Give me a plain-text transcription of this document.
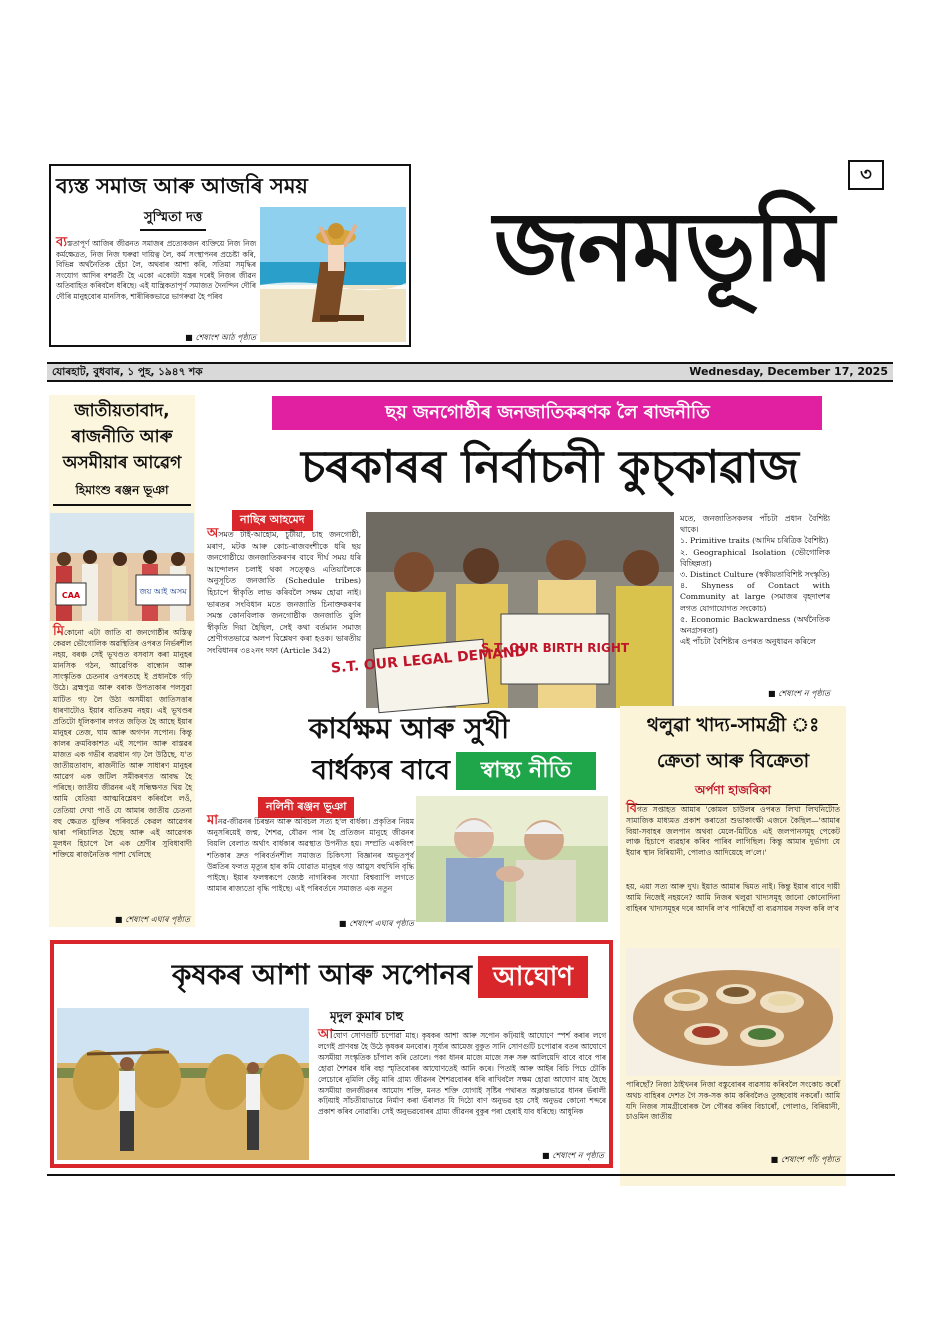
ব্যস্ত সমাজ আৰু আজৰি সময়
সুস্মিতা দত্ত
ব্যস্ততাপূৰ্ণ আজিৰ জীৱনত সমাজৰ প্ৰত্যেকজন ব্যক্তিয়ে নিজ নিজ কৰ্মক্ষেত্ৰত, নিজ নিজ ঘৰুৱা দায়িত্ব লৈ, কৰ্ম সংস্থাপনৰ প্ৰচেষ্টা কৰি, বিভিন্ন অৰ্থনৈতিক হেঁচা লৈ, অথবাৰ আশা কৰি, সতিমা সমৃদ্ধিৰ সংযোগ আদিৰ বশৱৰ্তী হৈ একো একোটা যন্ত্ৰৰ দৰেই নিজৰ জীৱন অতিবাহিত কৰিবলৈ ধৰিছে। এই যান্ত্ৰিকতাপূৰ্ণ সমাজত দৈনন্দিন দৌৰি দৌৰি মানুহবোৰ মানসিক, শাৰীৰিকভাৱে ভাগৰুৱা হৈ পৰিব
■ শেষাংশ আঠ পৃষ্ঠাত
জনমভূমি
৩
যোৰহাট, বুধবাৰ, ১ পুহ, ১৯৪৭ শক	Wednesday, December 17, 2025
জাতীয়তাবাদ,
ৰাজনীতি আৰু
অসমীয়াৰ আৱেগ
হিমাংশু ৰঞ্জন ভূঞা
জয় আই অসম
CAA
মিকোনো এটা জাতি বা জনগোষ্ঠীৰ অস্তিত্ব কেৱল ভৌগোলিক অৱস্থিতিৰ ওপৰত নিৰ্ভৰশীল নহয়, বৰঞ্চ সেই ভূখণ্ডত বসবাস কৰা মানুহৰ মানসিক গঠন, আৱেগিক বান্ধোন আৰু সাংস্কৃতিক চেতনাৰ ওপৰতহে ই প্ৰধানকৈ গঢ়ি উঠে। ব্ৰহ্মপুত্ৰ আৰু বৰাক উপত্যকাৰ পলসুৱা মাটিত গঢ় লৈ উঠা অসমীয়া জাতিসত্তাৰ ধাৰণাটোও ইয়াৰ ব্যতিক্ৰম নহয়। এই ভূখণ্ডৰ প্ৰতিটো ধূলিকণাৰ লগত জড়িত হৈ আছে ইয়াৰ মানুহৰ তেজ, ঘাম আৰু অগণন সপোন। কিন্তু কালৰ ক্ৰমবিকাশত এই সপোন আৰু বাস্তৱৰ মাজত এক গভীৰ ব্যৱধান গঢ় লৈ উঠিছে, য'ত জাতীয়তাবাদ, ৰাজনীতি আৰু সাধাৰণ মানুহৰ আৱেগ এক জটিল সমীকৰণত আবদ্ধ হৈ পৰিছে। জাতীয় জীৱনৰ এই সন্ধিক্ষণত থিয় হৈ আমি যেতিয়া আত্মবিশ্লেষণ কৰিবলৈ লওঁ, তেতিয়া দেখা পাওঁ যে আমাৰ জাতীয় চেতনা বহু ক্ষেত্ৰত যুক্তিৰ পৰিবৰ্তে কেৱল আৱেগৰ দ্বাৰা পৰিচালিত হৈছে আৰু এই আৱেগক মূলধন হিচাপে লৈ এক শ্ৰেণীৰ সুবিধাবাদী শক্তিয়ে ৰাজনৈতিক পাশা খেলিছে
■ শেষাংশ এঘাৰ পৃষ্ঠাত
ছয় জনগোষ্ঠীৰ জনজাতিকৰণক লৈ ৰাজনীতি
চৰকাৰৰ নিৰ্বাচনী কুচ্‌কাৱাজ
নাছিৰ আহমেদ
অসমত টাই-আহোম, চুটীয়া, চাহ জনগোষ্ঠী, মৰাণ, মটক আৰু কোচ-ৰাজবংশীকে ধৰি ছয় জনগোষ্ঠীয়ে জনজাতিকৰণৰ বাবে দীৰ্ঘ সময় ধৰি আন্দোলন চলাই থকা সত্ত্বেও এতিয়ালৈকে অনুসূচিত জনজাতি (Schedule tribes) হিচাপে স্বীকৃতি লাভ কৰিবলৈ সক্ষম হোৱা নাই। ভাৰতৰ সংবিধান মতে জনজাতি চিনাক্তকৰণৰ সমস্ত কোনবিলাক জনগোষ্ঠীক জনজাতি বুলি স্বীকৃতি দিয়া হৈছিল, সেই কথা বৰ্তমান সমাজ শ্ৰেণীগতভাৱে অলপ বিশ্লেষণ কৰা হওক। ভাৰতীয় সংবিধানৰ ৩৪২নং দফা (Article 342) S.T. OUR LEGAL DEMAND
S.T. OUR BIRTH RIGHT

মতে, জনজাতিসকলৰ পাঁচটা প্ৰধান বৈশিষ্ট্য থাকে।

১. Primitive traits (আদিম চৰিত্ৰিক বৈশিষ্ট্য)

২. Geographical Isolation (ভৌগোলিক বিচ্ছিন্নতা)

৩. Distinct Culture (স্বকীয়তাবিশিষ্ট সংস্কৃতি)

৪. Shyness of Contact with Community at large (সমাজৰ বৃহদাংশৰ লগত যোগাযোগত সংকোচ)

৫. Economic Backwardness (অৰ্থনৈতিক অনগ্ৰসৰতা)

এই পাঁচটা বৈশিষ্ট্যৰ ওপৰত অনুধাৱন কৰিলে

■ শেষাংশ ন পৃষ্ঠাত
কাৰ্যক্ষম আৰু সুখী
বাৰ্ধক্যৰ বাবে	স্বাস্থ্য নীতি
নলিনী ৰঞ্জন ভূঞা
মানৱ-জীৱনৰ চিৰন্তন আৰু অবিচল সত্য হ'ল বাৰ্ধক্য। প্ৰকৃতিৰ নিয়ম অনুসৰিয়েই জন্ম, শৈশৱ, যৌৱন পাৰ হৈ প্ৰতিজন মানুহে জীৱনৰ বিয়লি বেলাত অৰ্থাৎ বাৰ্ধক্যৰ অৱস্থাত উপনীত হয়। সম্প্ৰতি একবিংশ শতিকাৰ দ্ৰুত পৰিবৰ্তনশীল সমাজত চিকিৎসা বিজ্ঞানৰ অভূতপূৰ্ব উন্নতিৰ ফলত মৃত্যুৰ হাৰ কমি যোৱাত মানুহৰ গড় আয়ুস বহুখিনি বৃদ্ধি পাইছে। ইয়াৰ ফলস্বৰূপে জ্যেষ্ঠ নাগৰিকৰ সংখ্যা বিশ্বব্যাপি লগতে আমাৰ ৰাজ্যতো বৃদ্ধি পাইছে। এই পৰিবৰ্তনে সমাজত এক নতুন
■ শেষাংশ এঘাৰ পৃষ্ঠাত
থলুৱা খাদ্য-সামগ্ৰী ঃ
ক্ৰেতা আৰু বিক্ৰেতা
অৰ্পণা হাজৰিকা
বিগত সপ্তাহত আমাৰ 'কোমল চাউলৰ ওপৰত লিখা লিখনিটোত সামাজিক মাধ্যমত প্ৰকাশ কৰাতো শুভাকাংক্ষী এজনে কৈছিল—'আমাৰ বিয়া-সবাহৰ জলপান অথবা মেলে-মিটিঙে এই জলপানসমূহ পেকেট লাঞ্চ হিচাপে ব্যৱহাৰ কৰিব পাৰিব লাগিছিল। কিন্তু আমাৰ দুৰ্ভাগ্য যে ইয়াৰ স্থান বিৰিয়ানী, পোলাও আদিয়েহে ল'লে।'
হয়, এয়া সত্য আৰু দুখ। ইয়াত আমাৰ দ্বিমত নাই। কিন্তু ইয়াৰ বাবে দায়ী আমি নিজেই নহয়নে? আমি নিজৰ থলুৱা খাদ্যসমূহ জানো কোনোদিনা বাহিৰৰ খাদ্যসমূহৰ দৰে আদৰি ল'ব পাৰিছোঁ বা ব্যৱসায়ৰ সফল কৰি ল'ব
পাৰিছোঁ? নিজা ঠাইখনৰ নিজা বস্তুবোৰৰ ব্যৱসায় কৰিবলৈ সংকোচ কৰোঁ অথচ বাহিৰৰ দেশত গৈ সক-সক কাম কৰিবলৈও তুচ্ছবোধ নকৰোঁ। আমি যদি নিজৰ সামগ্ৰীবোৰক লৈ গৌৰৱ কৰিব বিচাৰোঁ, পোলাও, বিৰিয়ানী, চাওমিন জাতীয়
■ শেষাংশ পাঁচ পৃষ্ঠাত
কৃষকৰ আশা আৰু সপোনৰ আঘোণ
মৃদুল কুমাৰ চাহু
আঘোণ সোণগুটি চপোৱা মাহ। কৃষকৰ আশা আৰু সপোন কঢ়িয়াই আঘোণে স্পৰ্শ কৰাৰ লগে লগেই প্ৰাণবন্ত হৈ উঠে কৃষকৰ মনবোৰ। সূৰ্য্যৰ আমেজ বুকুত সানি সোণগুটি চপোৱাৰ বতৰ আঘোণে অসমীয়া সংস্কৃতিক চাঁপাল কৰি তোলে। পকা ধানৰ মাজে মাজে সৰু সৰু আলিয়েদি বাবে বাবে পাৰ হোৱা শৈশৱৰ ধৰি বহা স্মৃতিবোৰৰ আঘোণতেই আনি কৰে। পিতাই আৰু আইৰ বিচি পিচে চৌকি লেচোৰে নুমিলি কেঁচু মাৰি গ্ৰাম্য জীৱনৰ শৈশৱবোৰৰ ধৰি ৰাখিবলৈ সক্ষম হোৱা আঘোণ মাহ হৈছে অসমীয়া জনজীৱনৰ আমোদ শক্তি, মনত শক্তি যোগাই সৃষ্টিৰ পথাৰত অক্লান্তভাৱে ধানৰ ভঁৰালী কঢ়িয়াই সাঁচতীয়াভাৱে নিৰ্মাণ কৰা ভঁৰালত যি দিঠো বাণ অনুভৱ হয় সেই অনুভৱ কোনো শব্দৰে প্ৰকাশ কৰিব নোৱাৰি। সেই অনুভৱবোৰৰ গ্ৰাম্য জীৱনৰ বুকুৰ পৰা হেৰাই যাব ধৰিছে। আধুনিক
■ শেষাংশ ন পৃষ্ঠাত
